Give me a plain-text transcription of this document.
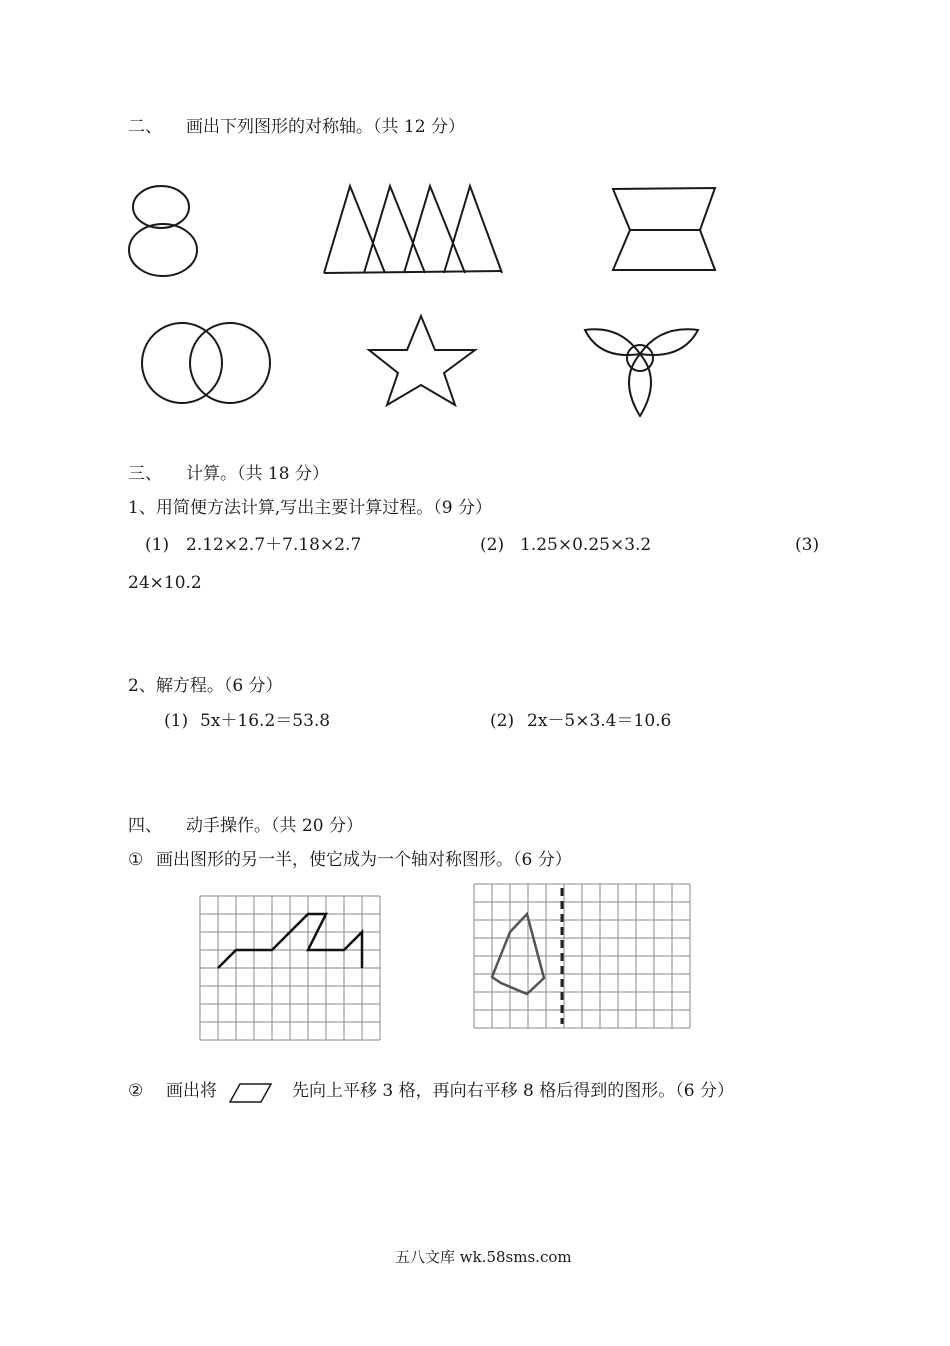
二、 画出下列图形的对称轴。（共 12 分）
三、 计算。（共 18 分）
1、用简便方法计算,写出主要计算过程。（9 分）
(1) 2.12×2.7＋7.18×2.7	(2) 1.25×0.25×3.2	(3)
24×10.2
2、解方程。（6 分）
(1) 5x＋16.2＝53.8	(2) 2x－5×3.4＝10.6
四、 动手操作。（共 20 分）
① 画出图形的另一半，使它成为一个轴对称图形。（6 分）
② 画出将	先向上平移 3 格，再向右平移 8 格后得到的图形。（6 分）
五八文库 wk.58sms.com
